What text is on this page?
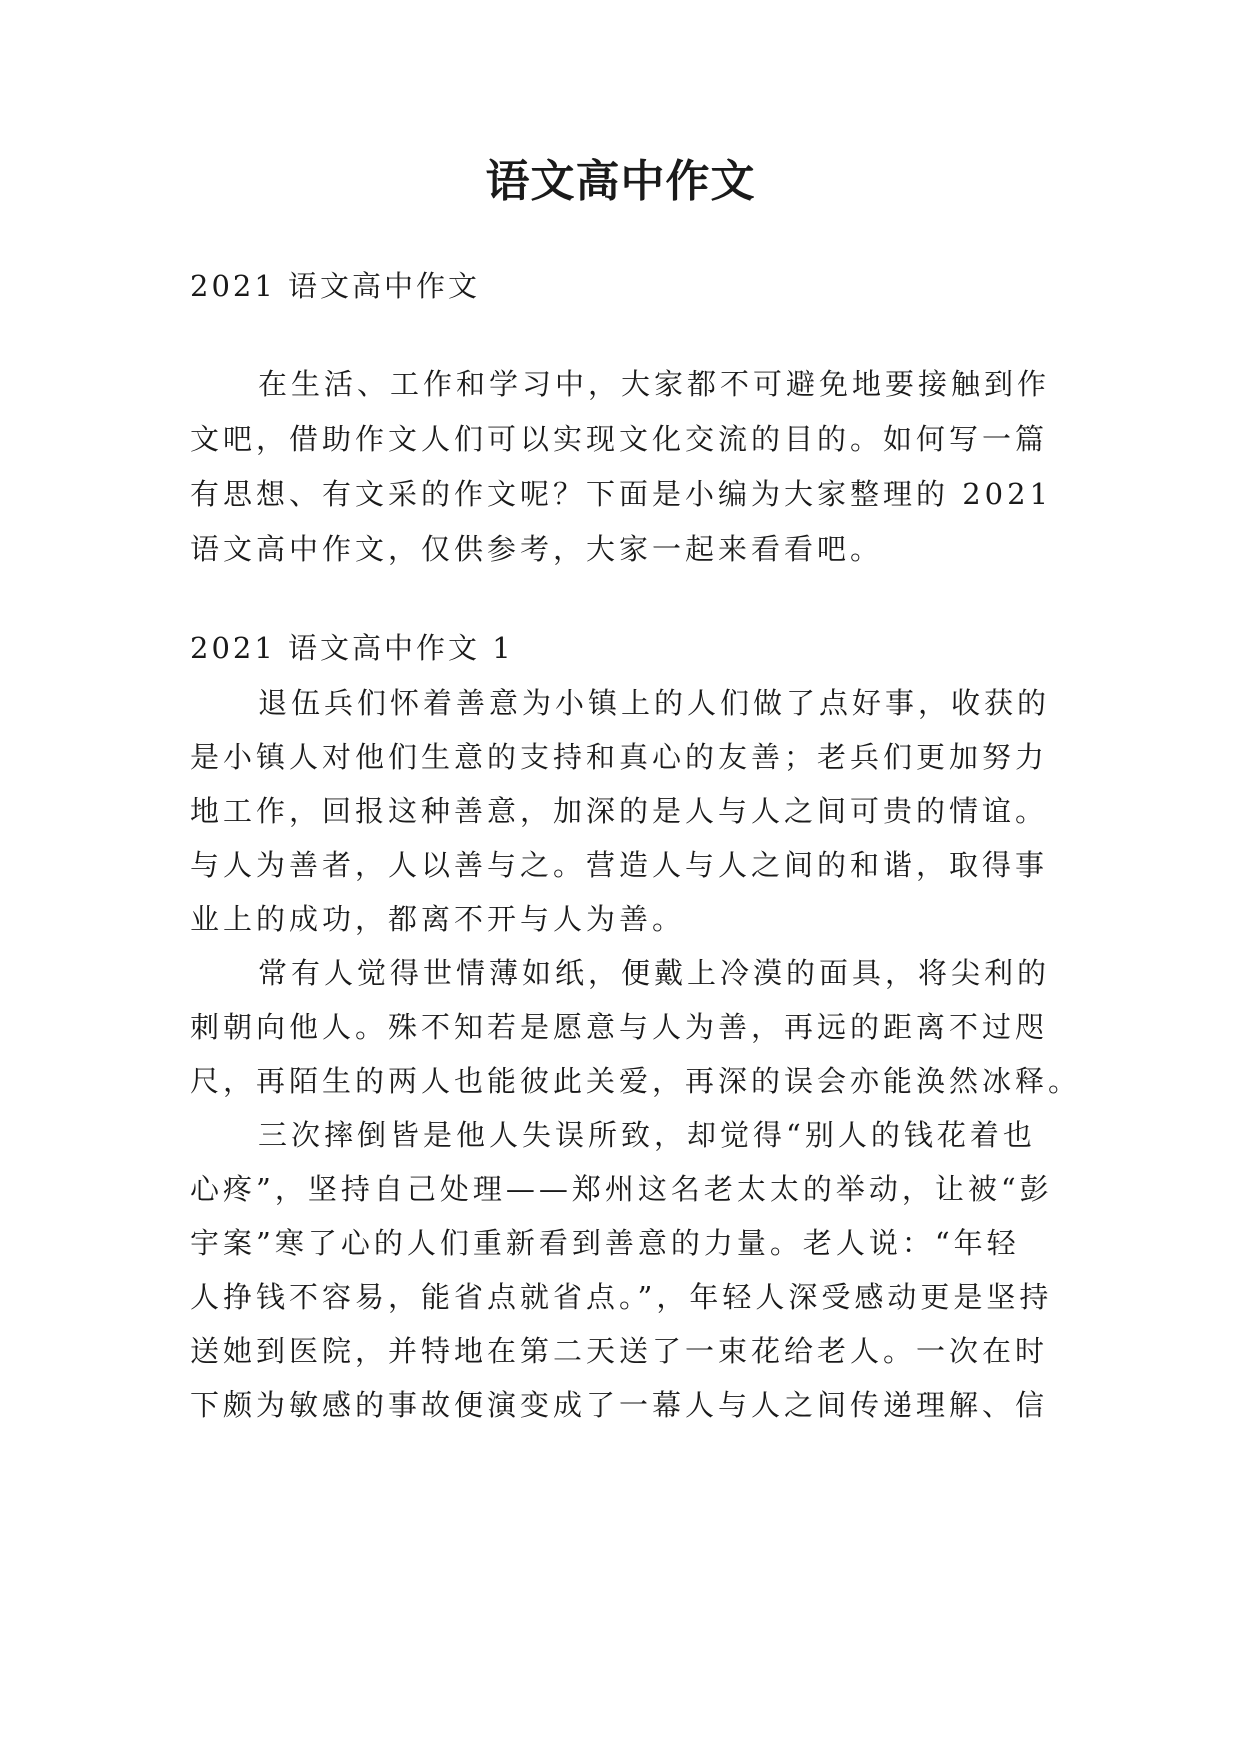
语文高中作文
2021 语文高中作文
在生活、工作和学习中，大家都不可避免地要接触到作
文吧，借助作文人们可以实现文化交流的目的。如何写一篇
有思想、有文采的作文呢？下面是小编为大家整理的 2021
语文高中作文，仅供参考，大家一起来看看吧。
2021 语文高中作文 1
退伍兵们怀着善意为小镇上的人们做了点好事，收获的
是小镇人对他们生意的支持和真心的友善；老兵们更加努力
地工作，回报这种善意，加深的是人与人之间可贵的情谊。
与人为善者，人以善与之。营造人与人之间的和谐，取得事
业上的成功，都离不开与人为善。
常有人觉得世情薄如纸，便戴上冷漠的面具，将尖利的
刺朝向他人。殊不知若是愿意与人为善，再远的距离不过咫
尺，再陌生的两人也能彼此关爱，再深的误会亦能涣然冰释。
三次摔倒皆是他人失误所致，却觉得“别人的钱花着也
心疼”，坚持自己处理——郑州这名老太太的举动，让被“彭
宇案”寒了心的人们重新看到善意的力量。老人说：“年轻
人挣钱不容易，能省点就省点。”，年轻人深受感动更是坚持
送她到医院，并特地在第二天送了一束花给老人。一次在时
下颇为敏感的事故便演变成了一幕人与人之间传递理解、信
